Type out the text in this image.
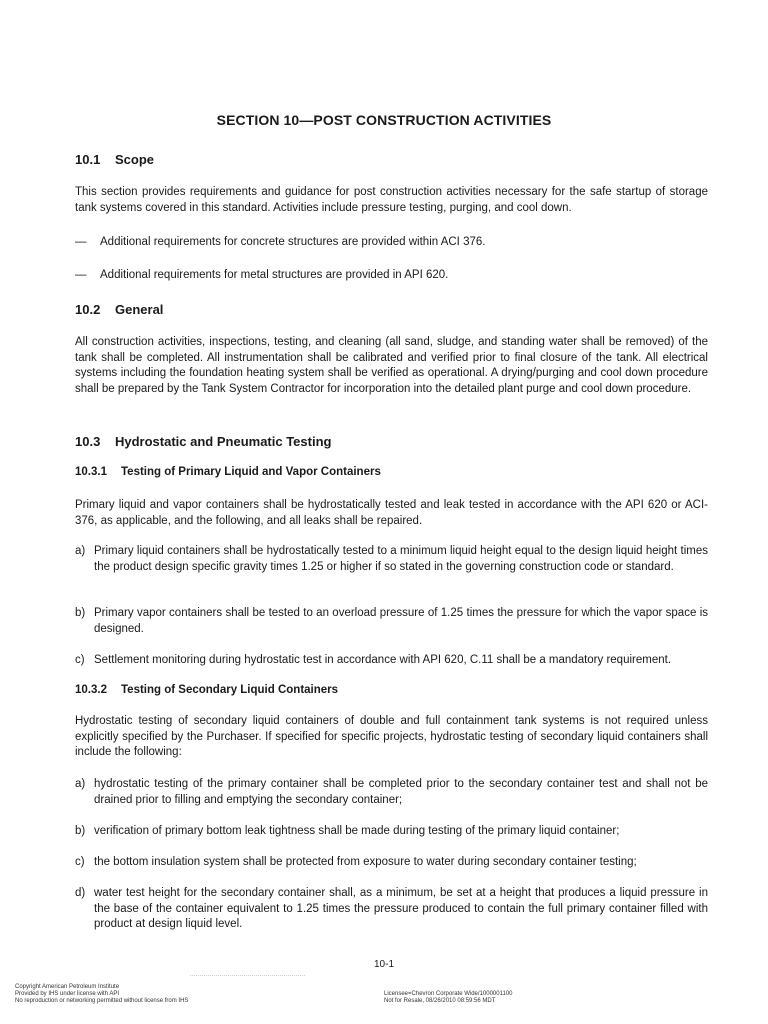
SECTION 10—POST CONSTRUCTION ACTIVITIES
10.1 Scope
This section provides requirements and guidance for post construction activities necessary for the safe startup of storage tank systems covered in this standard. Activities include pressure testing, purging, and cool down.
— Additional requirements for concrete structures are provided within ACI 376.
— Additional requirements for metal structures are provided in API 620.
10.2 General
All construction activities, inspections, testing, and cleaning (all sand, sludge, and standing water shall be removed) of the tank shall be completed. All instrumentation shall be calibrated and verified prior to final closure of the tank. All electrical systems including the foundation heating system shall be verified as operational. A drying/purging and cool down procedure shall be prepared by the Tank System Contractor for incorporation into the detailed plant purge and cool down procedure.
10.3 Hydrostatic and Pneumatic Testing
10.3.1 Testing of Primary Liquid and Vapor Containers
Primary liquid and vapor containers shall be hydrostatically tested and leak tested in accordance with the API 620 or ACI-376, as applicable, and the following, and all leaks shall be repaired.
a) Primary liquid containers shall be hydrostatically tested to a minimum liquid height equal to the design liquid height times the product design specific gravity times 1.25 or higher if so stated in the governing construction code or standard.
b) Primary vapor containers shall be tested to an overload pressure of 1.25 times the pressure for which the vapor space is designed.
c) Settlement monitoring during hydrostatic test in accordance with API 620, C.11 shall be a mandatory requirement.
10.3.2 Testing of Secondary Liquid Containers
Hydrostatic testing of secondary liquid containers of double and full containment tank systems is not required unless explicitly specified by the Purchaser. If specified for specific projects, hydrostatic testing of secondary liquid containers shall include the following:
a) hydrostatic testing of the primary container shall be completed prior to the secondary container test and shall not be drained prior to filling and emptying the secondary container;
b) verification of primary bottom leak tightness shall be made during testing of the primary liquid container;
c) the bottom insulation system shall be protected from exposure to water during secondary container testing;
d) water test height for the secondary container shall, as a minimum, be set at a height that produces a liquid pressure in the base of the container equivalent to 1.25 times the pressure produced to contain the full primary container filled with product at design liquid level.
10-1
Copyright American Petroleum Institute
Provided by IHS under license with API
No reproduction or networking permitted without license from IHS
Licensee=Chevron Corporate Wide/1000001100
Not for Resale, 08/26/2010 08:59:56 MDT
